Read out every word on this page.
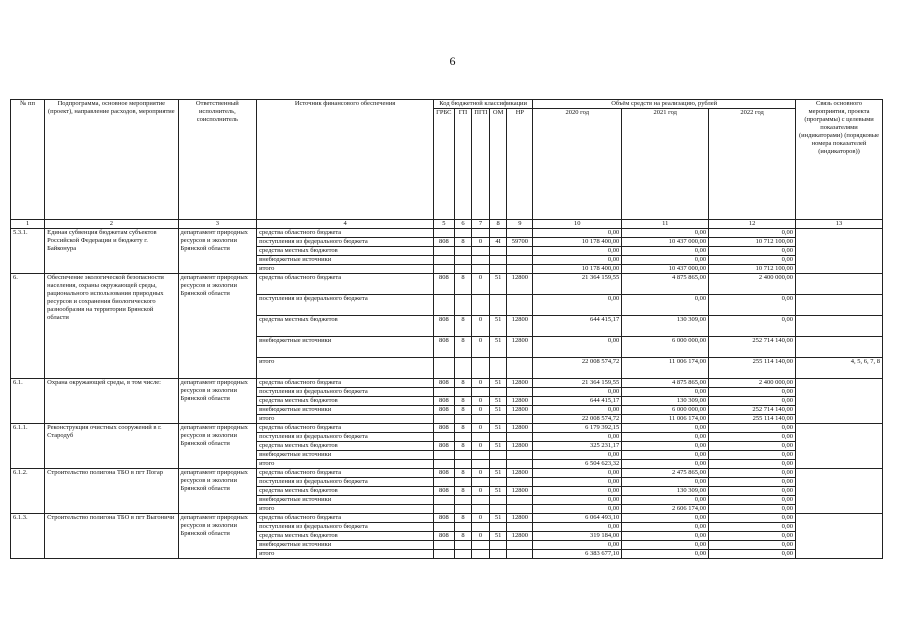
6
№ пп	Подпрограмма, основное мероприятие (проект), направление расходов, мероприятие	Ответственный исполнитель, соисполнитель	Источник финансового обеспечения	Код бюджетной классификации					Объём средств на реализацию, рублей			Связь основного мероприятия, проекта (программы) с целевыми показателями (индикаторами) (порядковые номера показателей (индикаторов))
				ГРБС	ГП	ПГП	ОМ	НР	2020 год	2021 год	2022 год	
1	2	3	4	5	6	7	8	9	10	11	12	13
5.3.1.	Единая субвенция бюджетам субъектов Российской Федерации и бюджету г. Байконура	департамент природных ресурсов и экологии Брянской области	средства областного бюджета						0,00	0,00	0,00	
			поступления из федерального бюджета	808	8	0	4I	59700	10 178 400,00	10 437 000,00	10 712 100,00	
			средства местных бюджетов						0,00	0,00	0,00	
			внебюджетные источники						0,00	0,00	0,00	
			итого						10 178 400,00	10 437 000,00	10 712 100,00	
6.	Обеспечение экологической безопасности населения, охраны окружающей среды, рационального использования природных ресурсов и сохранения биологического разнообразия на территории Брянской области	департамент природных ресурсов и экологии Брянской области	средства областного бюджета	808	8	0	51	12800	21 364 159,55	4 875 865,00	2 400 000,00	
			поступления из федерального бюджета						0,00	0,00	0,00	
			средства местных бюджетов	808	8	0	51	12800	644 415,17	130 309,00	0,00	
			внебюджетные источники	808	8	0	51	12800	0,00	6 000 000,00	252 714 140,00	
			итого						22 008 574,72	11 006 174,00	255 114 140,00	4, 5, 6, 7, 8
6.1.	Охрана окружающей среды, в том числе:	департамент природных ресурсов и экологии Брянской области	средства областного бюджета	808	8	0	51	12800	21 364 159,55	4 875 865,00	2 400 000,00	
			поступления из федерального бюджета						0,00	0,00	0,00	
			средства местных бюджетов	808	8	0	51	12800	644 415,17	130 309,00	0,00	
			внебюджетные источники	808	8	0	51	12800	0,00	6 000 000,00	252 714 140,00	
			итого						22 008 574,72	11 006 174,00	255 114 140,00	
6.1.1.	Реконструкция очистных сооружений в г. Стародуб	департамент природных ресурсов и экологии Брянской области	средства областного бюджета	808	8	0	51	12800	6 179 392,15	0,00	0,00	
			поступления из федерального бюджета						0,00	0,00	0,00	
			средства местных бюджетов	808	8	0	51	12800	325 231,17	0,00	0,00	
			внебюджетные источники						0,00	0,00	0,00	
			итого						6 504 623,32	0,00	0,00	
6.1.2.	Строительство полигона ТБО в пгт Погар	департамент природных ресурсов и экологии Брянской области	средства областного бюджета	808	8	0	51	12800	0,00	2 475 865,00	0,00	
			поступления из федерального бюджета						0,00	0,00	0,00	
			средства местных бюджетов	808	8	0	51	12800	0,00	130 309,00	0,00	
			внебюджетные источники						0,00	0,00	0,00	
			итого						0,00	2 606 174,00	0,00	
6.1.3.	Строительство полигона ТБО в пгт Выгоничи	департамент природных ресурсов и экологии Брянской области	средства областного бюджета	808	8	0	51	12800	6 064 493,10	0,00	0,00	
			поступления из федерального бюджета						0,00	0,00	0,00	
			средства местных бюджетов	808	8	0	51	12800	319 184,00	0,00	0,00	
			внебюджетные источники						0,00	0,00	0,00	
			итого						6 383 677,10	0,00	0,00	
